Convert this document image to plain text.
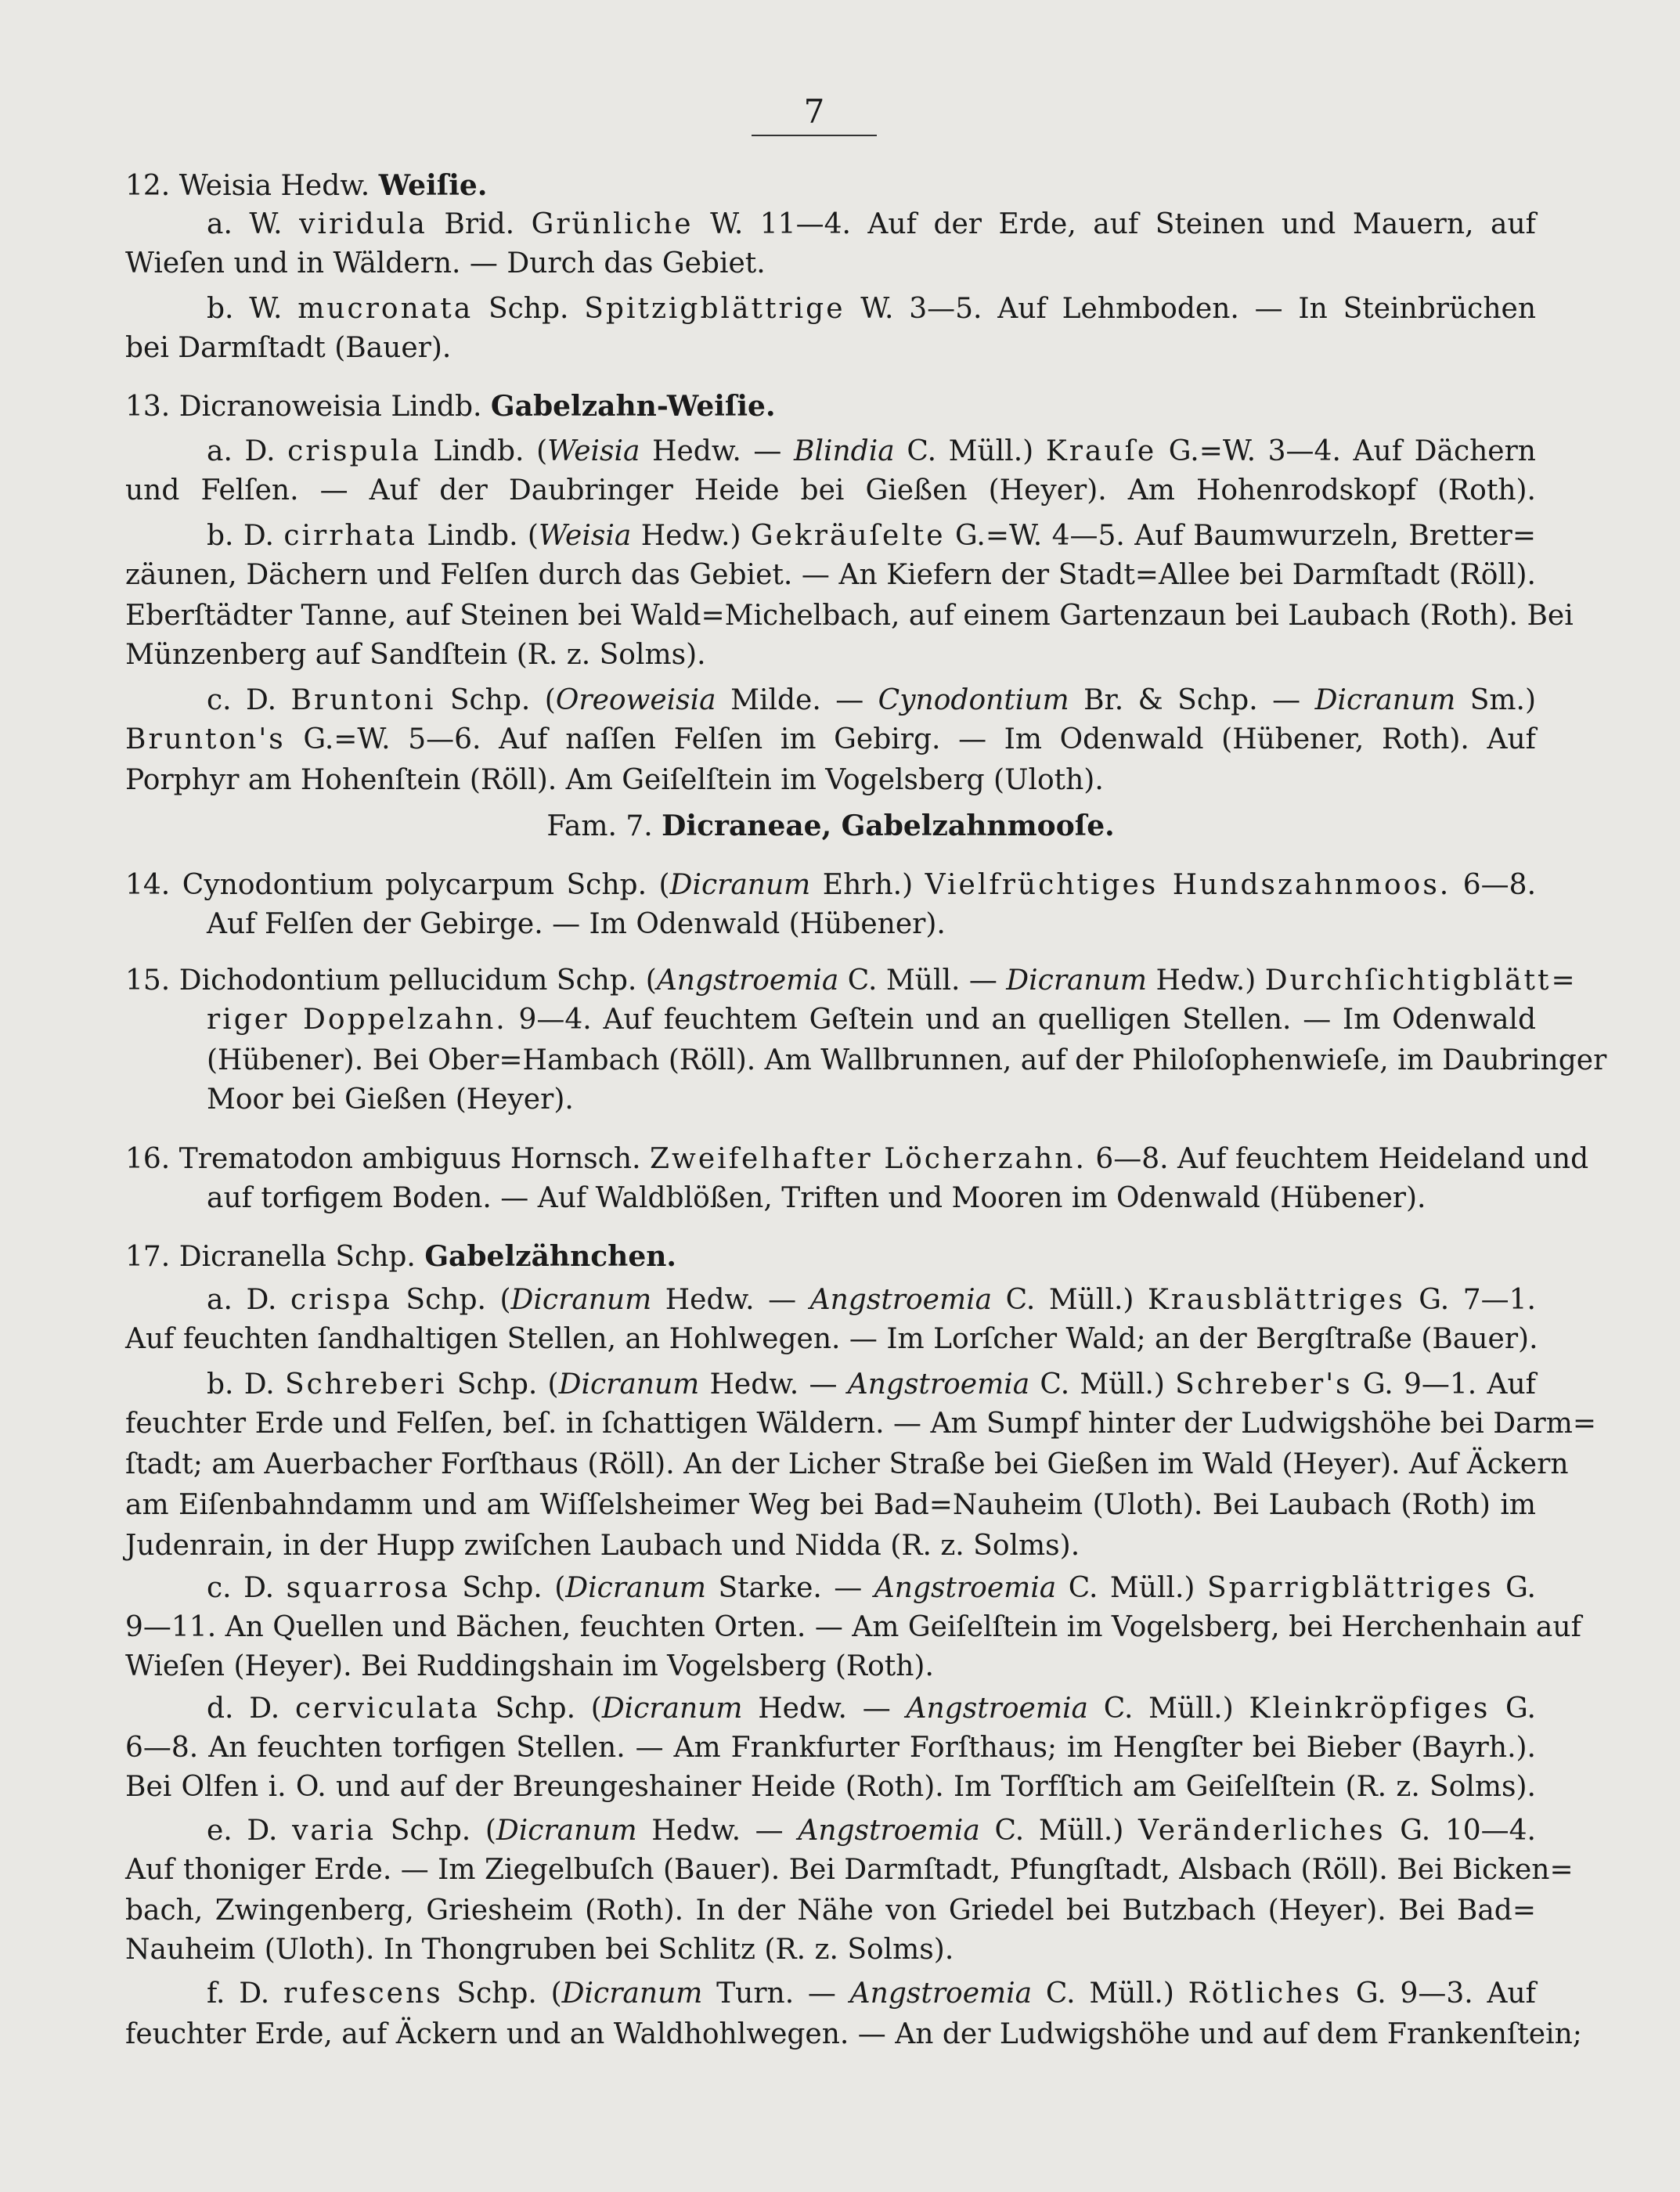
7
12. Weisia Hedw. Weiſie.
a. W. viridula Brid. Grünliche W. 11—4. Auf der Erde, auf Steinen und Mauern, auf
Wieſen und in Wäldern. — Durch das Gebiet.
b. W. mucronata Schp. Spitzigblättrige W. 3—5. Auf Lehmboden. — In Steinbrüchen
bei Darmſtadt (Bauer).
13. Dicranoweisia Lindb. Gabelzahn-Weiſie.
a. D. crispula Lindb. (Weisia Hedw. — Blindia C. Müll.) Krauſe G.=W. 3—4. Auf Dächern
und Felſen. — Auf der Daubringer Heide bei Gießen (Heyer). Am Hohenrodskopf (Roth).
b. D. cirrhata Lindb. (Weisia Hedw.) Gekräuſelte G.=W. 4—5. Auf Baumwurzeln, Bretter=
zäunen, Dächern und Felſen durch das Gebiet. — An Kiefern der Stadt=Allee bei Darmſtadt (Röll).
Eberſtädter Tanne, auf Steinen bei Wald=Michelbach, auf einem Gartenzaun bei Laubach (Roth). Bei
Münzenberg auf Sandſtein (R. z. Solms).
c. D. Bruntoni Schp. (Oreoweisia Milde. — Cynodontium Br. & Schp. — Dicranum Sm.)
Brunton's G.=W. 5—6. Auf naſſen Felſen im Gebirg. — Im Odenwald (Hübener, Roth). Auf
Porphyr am Hohenſtein (Röll). Am Geiſelſtein im Vogelsberg (Uloth).
Fam. 7. Dicraneae, Gabelzahnmooſe.
14. Cynodontium polycarpum Schp. (Dicranum Ehrh.) Vielfrüchtiges Hundszahnmoos. 6—8.
Auf Felſen der Gebirge. — Im Odenwald (Hübener).
15. Dichodontium pellucidum Schp. (Angstroemia C. Müll. — Dicranum Hedw.) Durchſichtigblätt=
riger Doppelzahn. 9—4. Auf feuchtem Geſtein und an quelligen Stellen. — Im Odenwald
(Hübener). Bei Ober=Hambach (Röll). Am Wallbrunnen, auf der Philoſophenwieſe, im Daubringer
Moor bei Gießen (Heyer).
16. Trematodon ambiguus Hornsch. Zweifelhafter Löcherzahn. 6—8. Auf feuchtem Heideland und
auf torfigem Boden. — Auf Waldblößen, Triften und Mooren im Odenwald (Hübener).
17. Dicranella Schp. Gabelzähnchen.
a. D. crispa Schp. (Dicranum Hedw. — Angstroemia C. Müll.) Krausblättriges G. 7—1.
Auf feuchten ſandhaltigen Stellen, an Hohlwegen. — Im Lorſcher Wald; an der Bergſtraße (Bauer).
b. D. Schreberi Schp. (Dicranum Hedw. — Angstroemia C. Müll.) Schreber's G. 9—1. Auf
feuchter Erde und Felſen, beſ. in ſchattigen Wäldern. — Am Sumpf hinter der Ludwigshöhe bei Darm=
ſtadt; am Auerbacher Forſthaus (Röll). An der Licher Straße bei Gießen im Wald (Heyer). Auf Äckern
am Eiſenbahndamm und am Wiſſelsheimer Weg bei Bad=Nauheim (Uloth). Bei Laubach (Roth) im
Judenrain, in der Hupp zwiſchen Laubach und Nidda (R. z. Solms).
c. D. squarrosa Schp. (Dicranum Starke. — Angstroemia C. Müll.) Sparrigblättriges G.
9—11. An Quellen und Bächen, feuchten Orten. — Am Geiſelſtein im Vogelsberg, bei Herchenhain auf
Wieſen (Heyer). Bei Ruddingshain im Vogelsberg (Roth).
d. D. cerviculata Schp. (Dicranum Hedw. — Angstroemia C. Müll.) Kleinkröpfiges G.
6—8. An feuchten torfigen Stellen. — Am Frankfurter Forſthaus; im Hengſter bei Bieber (Bayrh.).
Bei Olfen i. O. und auf der Breungeshainer Heide (Roth). Im Torfſtich am Geiſelſtein (R. z. Solms).
e. D. varia Schp. (Dicranum Hedw. — Angstroemia C. Müll.) Veränderliches G. 10—4.
Auf thoniger Erde. — Im Ziegelbuſch (Bauer). Bei Darmſtadt, Pfungſtadt, Alsbach (Röll). Bei Bicken=
bach, Zwingenberg, Griesheim (Roth). In der Nähe von Griedel bei Butzbach (Heyer). Bei Bad=
Nauheim (Uloth). In Thongruben bei Schlitz (R. z. Solms).
f. D. rufescens Schp. (Dicranum Turn. — Angstroemia C. Müll.) Rötliches G. 9—3. Auf
feuchter Erde, auf Äckern und an Waldhohlwegen. — An der Ludwigshöhe und auf dem Frankenſtein;
